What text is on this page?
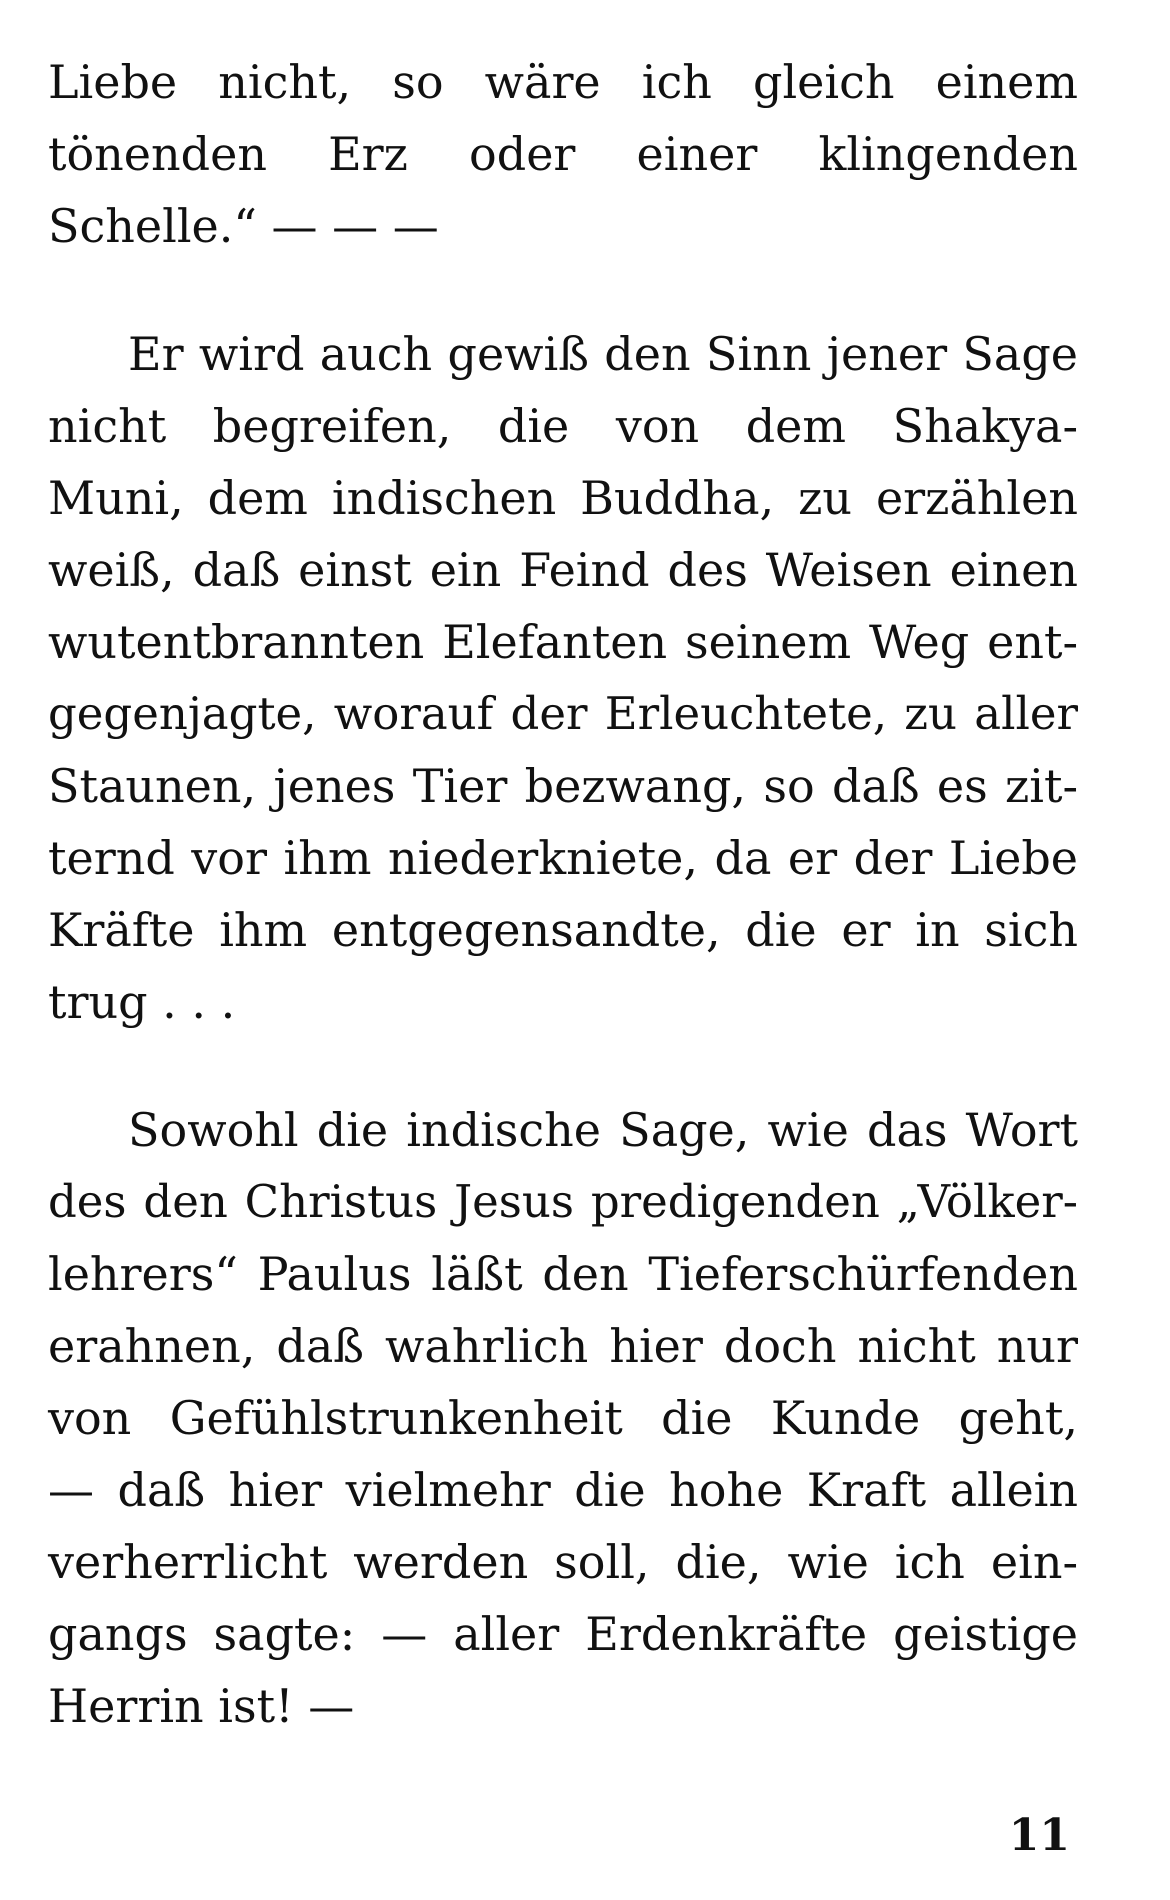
Liebe nicht, so wäre ich gleich einem
tönenden Erz oder einer klingenden
Schelle.“ — — —
Er wird auch gewiß den Sinn jener Sage
nicht begreifen, die von dem Shakya-
Muni, dem indischen Buddha, zu erzählen
weiß, daß einst ein Feind des Weisen einen
wutentbrannten Elefanten seinem Weg ent-
gegenjagte, worauf der Erleuchtete, zu aller
Staunen, jenes Tier bezwang, so daß es zit-
ternd vor ihm niederkniete, da er der Liebe
Kräfte ihm entgegensandte, die er in sich
trug . . .
Sowohl die indische Sage, wie das Wort
des den Christus Jesus predigenden „Völker-
lehrers“ Paulus läßt den Tieferschürfenden
erahnen, daß wahrlich hier doch nicht nur
von Gefühlstrunkenheit die Kunde geht,
— daß hier vielmehr die hohe Kraft allein
verherrlicht werden soll, die, wie ich ein-
gangs sagte: — aller Erdenkräfte geistige
Herrin ist! —
11
